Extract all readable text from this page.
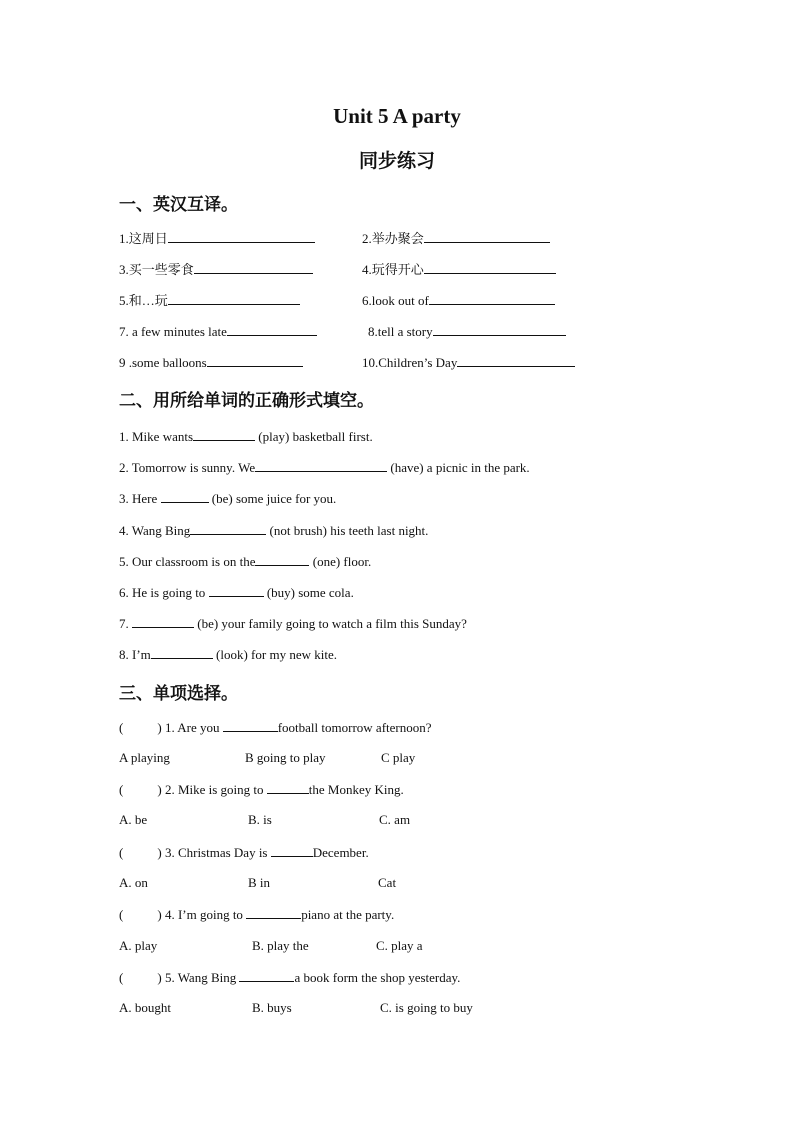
Unit 5 A party
同步练习
一、英汉互译。
1.这周日	2.举办聚会
3.买一些零食	4.玩得开心
5.和…玩	6.look out of
7. a few minutes late	8.tell a story
9 .some balloons	10.Children’s Day
二、用所给单词的正确形式填空。
1. Mike wants	(play) basketball first.
2. Tomorrow is sunny. We	(have) a picnic in the park.
3. Here	(be) some juice for you.
4. Wang Bing	(not brush) his teeth last night.
5. Our classroom is on the	(one) floor.
6. He is going to	(buy) some cola.
7.	(be) your family going to watch a film this Sunday?
8. I’m	(look) for my new kite.
三、单项选择。
(	) 1. Are you	football tomorrow afternoon?
A playing	B going to play	C play
(	) 2. Mike is going to	the Monkey King.
A. be	B. is	C. am
(	) 3. Christmas Day is	December.
A. on	B in	Cat
(	) 4. I’m going to	piano at the party.
A. play	B. play the	C. play a
(	) 5. Wang Bing	a book form the shop yesterday.
A. bought	B. buys	C. is going to buy
